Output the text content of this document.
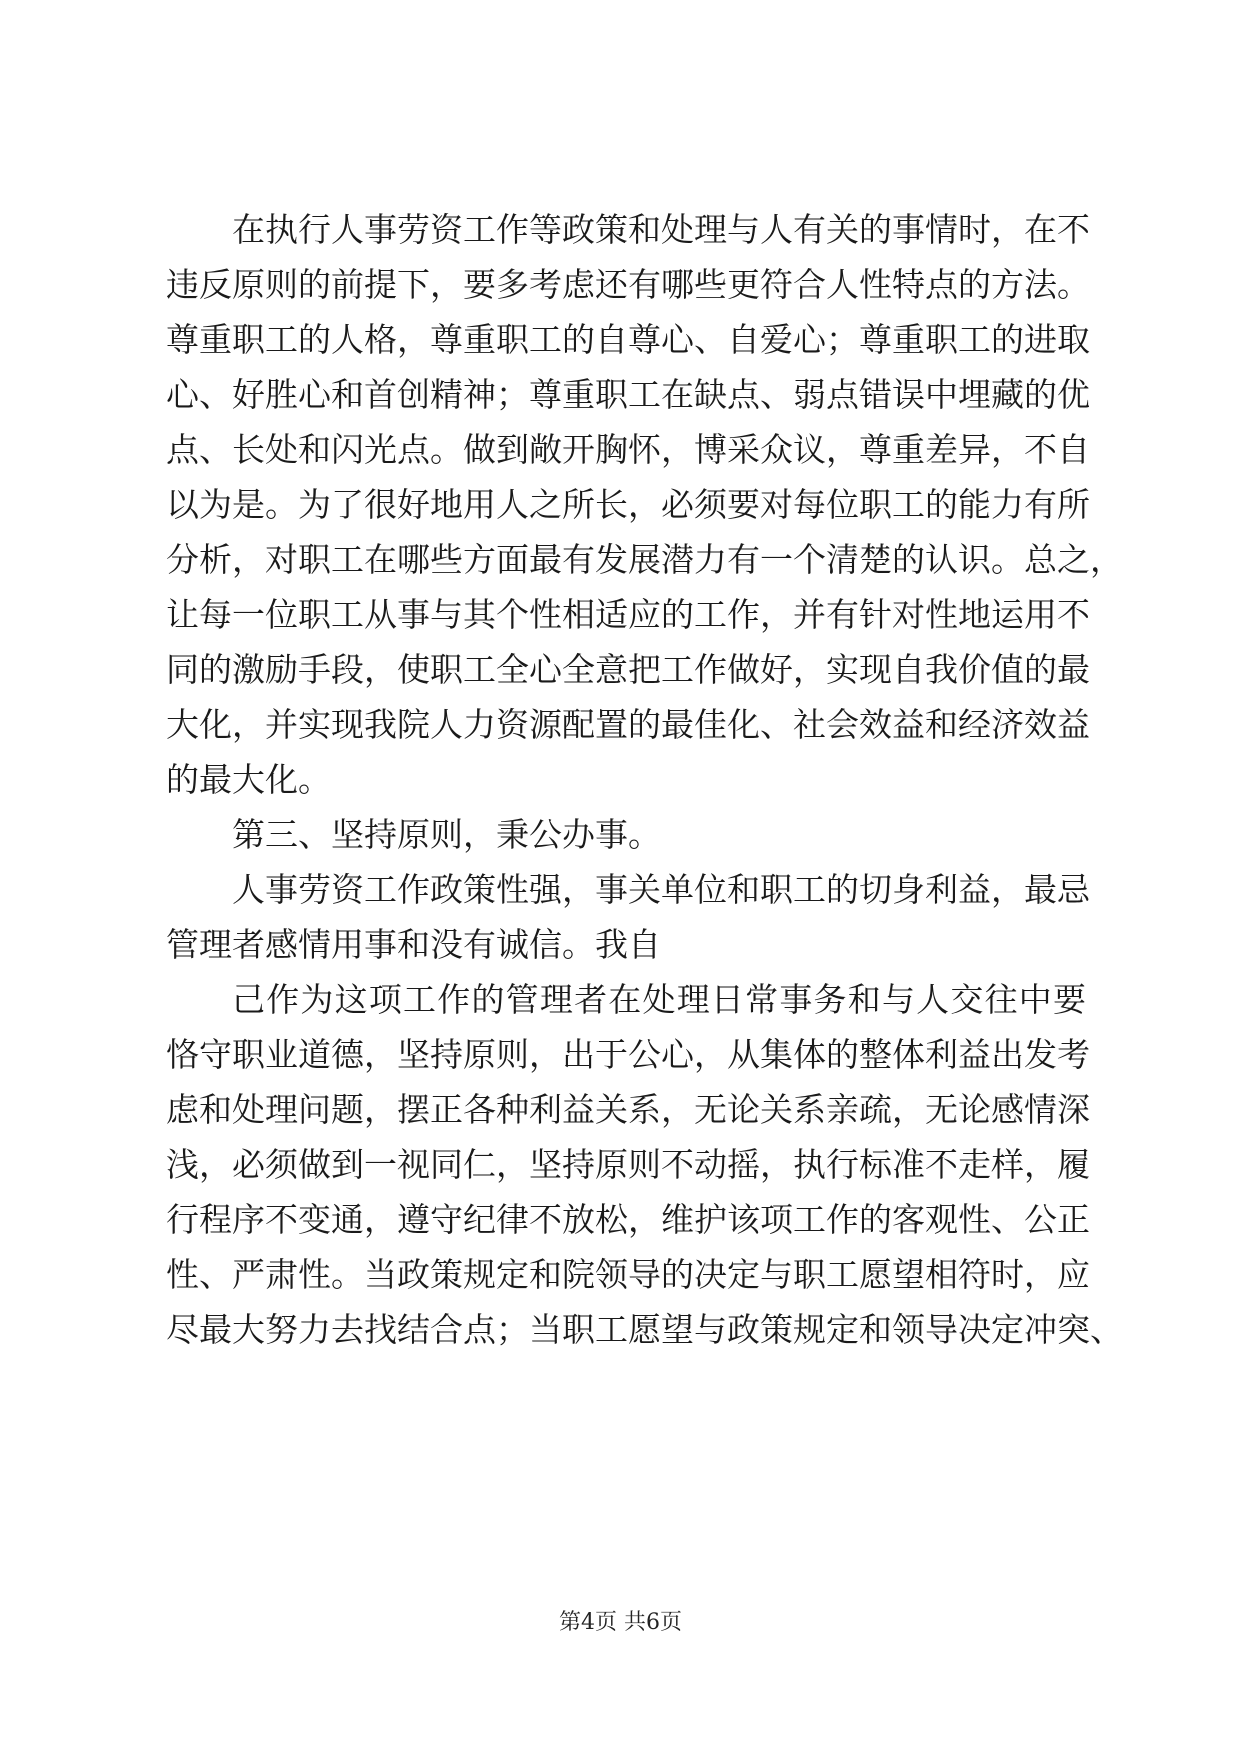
在执行人事劳资工作等政策和处理与人有关的事情时，在不
违反原则的前提下，要多考虑还有哪些更符合人性特点的方法。
尊重职工的人格，尊重职工的自尊心、自爱心；尊重职工的进取
心、好胜心和首创精神；尊重职工在缺点、弱点错误中埋藏的优
点、长处和闪光点。做到敞开胸怀，博采众议，尊重差异，不自
以为是。为了很好地用人之所长，必须要对每位职工的能力有所
分析，对职工在哪些方面最有发展潜力有一个清楚的认识。总之，
让每一位职工从事与其个性相适应的工作，并有针对性地运用不
同的激励手段，使职工全心全意把工作做好，实现自我价值的最
大化，并实现我院人力资源配置的最佳化、社会效益和经济效益
的最大化。
第三、坚持原则，秉公办事。
人事劳资工作政策性强，事关单位和职工的切身利益，最忌
管理者感情用事和没有诚信。我自
己作为这项工作的管理者在处理日常事务和与人交往中要
恪守职业道德，坚持原则，出于公心，从集体的整体利益出发考
虑和处理问题，摆正各种利益关系，无论关系亲疏，无论感情深
浅，必须做到一视同仁，坚持原则不动摇，执行标准不走样，履
行程序不变通，遵守纪律不放松，维护该项工作的客观性、公正
性、严肃性。当政策规定和院领导的决定与职工愿望相符时，应
尽最大努力去找结合点；当职工愿望与政策规定和领导决定冲突、
第4页 共6页
